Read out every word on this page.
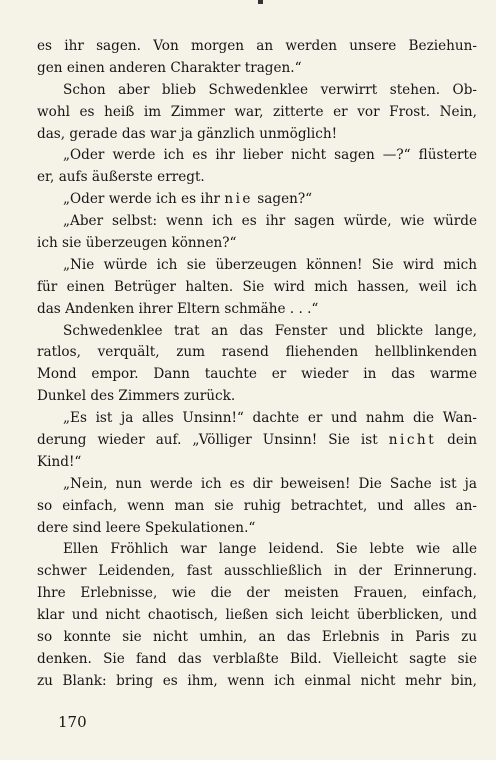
es ihr sagen. Von morgen an werden unsere Beziehun-
gen einen anderen Charakter tragen.“
Schon aber blieb Schwedenklee verwirrt stehen. Ob-
wohl es heiß im Zimmer war, zitterte er vor Frost. Nein,
das, gerade das war ja gänzlich unmöglich!
„Oder werde ich es ihr lieber nicht sagen —?“ flüsterte
er, aufs äußerste erregt.
„Oder werde ich es ihr nie sagen?“
„Aber selbst: wenn ich es ihr sagen würde, wie würde
ich sie überzeugen können?“
„Nie würde ich sie überzeugen können! Sie wird mich
für einen Betrüger halten. Sie wird mich hassen, weil ich
das Andenken ihrer Eltern schmähe . . .“
Schwedenklee trat an das Fenster und blickte lange,
ratlos, verquält, zum rasend fliehenden hellblinkenden
Mond empor. Dann tauchte er wieder in das warme
Dunkel des Zimmers zurück.
„Es ist ja alles Unsinn!“ dachte er und nahm die Wan-
derung wieder auf. „Völliger Unsinn! Sie ist nicht dein
Kind!“
„Nein, nun werde ich es dir beweisen! Die Sache ist ja
so einfach, wenn man sie ruhig betrachtet, und alles an-
dere sind leere Spekulationen.“
Ellen Fröhlich war lange leidend. Sie lebte wie alle
schwer Leidenden, fast ausschließlich in der Erinnerung.
Ihre Erlebnisse, wie die der meisten Frauen, einfach,
klar und nicht chaotisch, ließen sich leicht überblicken, und
so konnte sie nicht umhin, an das Erlebnis in Paris zu
denken. Sie fand das verblaßte Bild. Vielleicht sagte sie
zu Blank: bring es ihm, wenn ich einmal nicht mehr bin,
170
